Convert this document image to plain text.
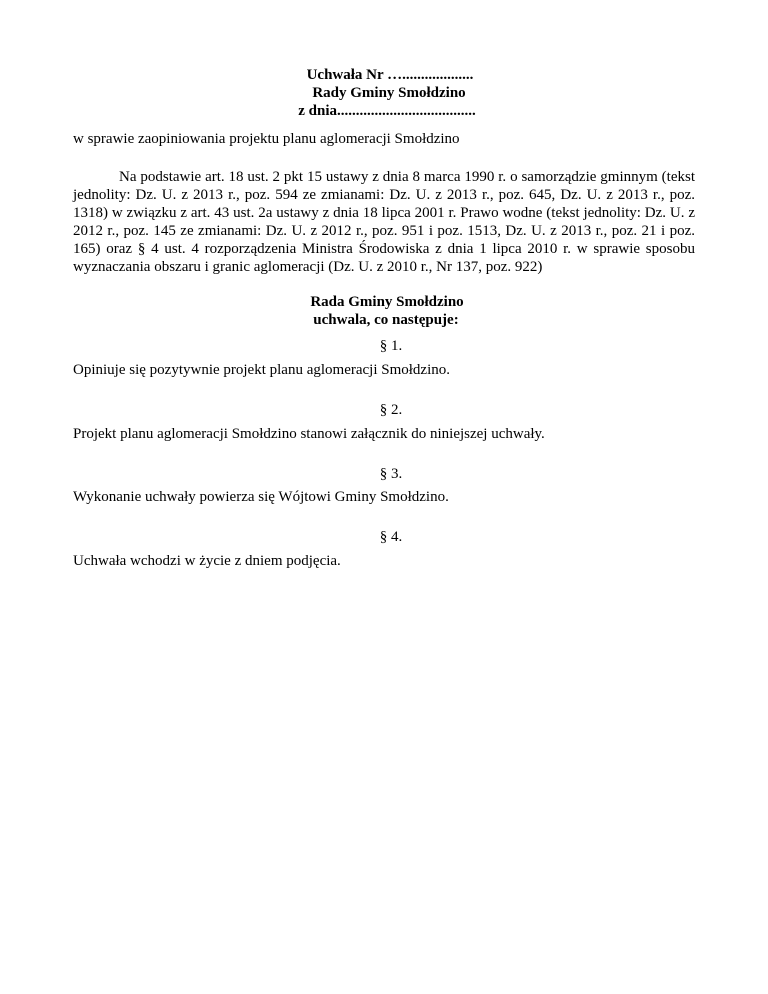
Uchwała Nr …...................
Rady Gminy Smołdzino
z dnia.....................................
w sprawie zaopiniowania projektu planu aglomeracji Smołdzino

Na podstawie art. 18 ust. 2 pkt 15 ustawy z dnia 8 marca 1990 r. o samorządzie gminnym (tekst jednolity: Dz. U. z 2013 r., poz. 594 ze zmianami: Dz. U. z 2013 r., poz. 645, Dz. U. z 2013 r., poz. 1318) w związku z art. 43 ust. 2a ustawy z dnia 18 lipca 2001 r. Prawo wodne (tekst jednolity: Dz. U. z 2012 r., poz. 145 ze zmianami: Dz. U. z 2012 r., poz. 951 i poz. 1513, Dz. U. z 2013 r., poz. 21 i poz. 165) oraz § 4 ust. 4 rozporządzenia Ministra Środowiska z dnia 1 lipca 2010 r. w sprawie sposobu wyznaczania obszaru i granic aglomeracji (Dz. U. z 2010 r., Nr 137, poz. 922)

Rada Gminy Smołdzino
uchwala, co następuje:
§ 1.
Opiniuje się pozytywnie projekt planu aglomeracji Smołdzino.
§ 2.
Projekt planu aglomeracji Smołdzino stanowi załącznik do niniejszej uchwały.
§ 3.
Wykonanie uchwały powierza się Wójtowi Gminy Smołdzino.
§ 4.
Uchwała wchodzi w życie z dniem podjęcia.
